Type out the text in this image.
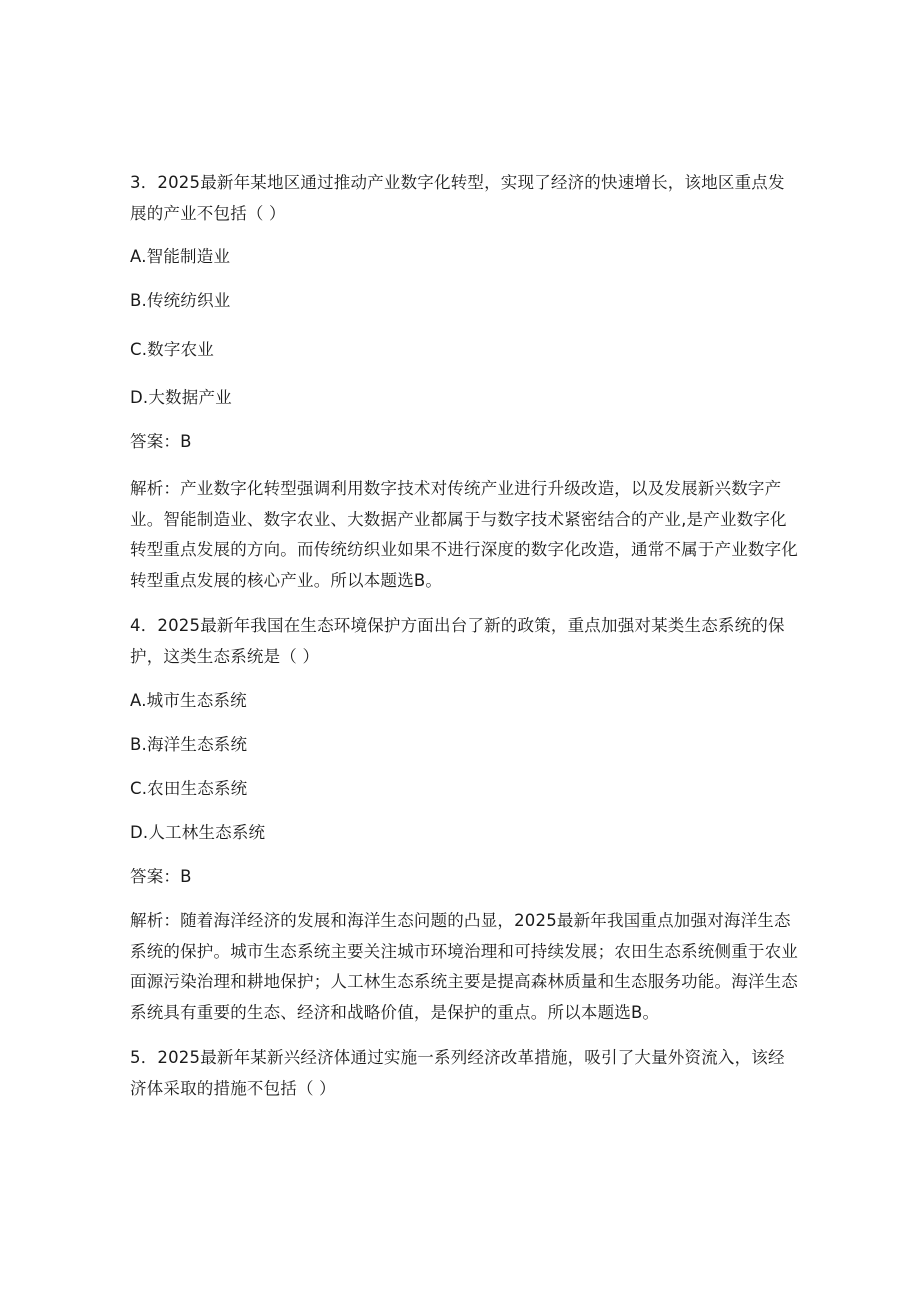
3．2025最新年某地区通过推动产业数字化转型，实现了经济的快速增长，该地区重点发展的产业不包括（ ）

A.智能制造业

B.传统纺织业

C.数字农业

D.大数据产业

答案：B

解析：产业数字化转型强调利用数字技术对传统产业进行升级改造，以及发展新兴数字产业。智能制造业、数字农业、大数据产业都属于与数字技术紧密结合的产业,是产业数字化转型重点发展的方向。而传统纺织业如果不进行深度的数字化改造，通常不属于产业数字化转型重点发展的核心产业。所以本题选B。

4．2025最新年我国在生态环境保护方面出台了新的政策，重点加强对某类生态系统的保护，这类生态系统是（ ）

A.城市生态系统

B.海洋生态系统

C.农田生态系统

D.人工林生态系统

答案：B

解析：随着海洋经济的发展和海洋生态问题的凸显，2025最新年我国重点加强对海洋生态系统的保护。城市生态系统主要关注城市环境治理和可持续发展；农田生态系统侧重于农业面源污染治理和耕地保护；人工林生态系统主要是提高森林质量和生态服务功能。海洋生态系统具有重要的生态、经济和战略价值，是保护的重点。所以本题选B。

5．2025最新年某新兴经济体通过实施一系列经济改革措施，吸引了大量外资流入，该经济体采取的措施不包括（ ）
